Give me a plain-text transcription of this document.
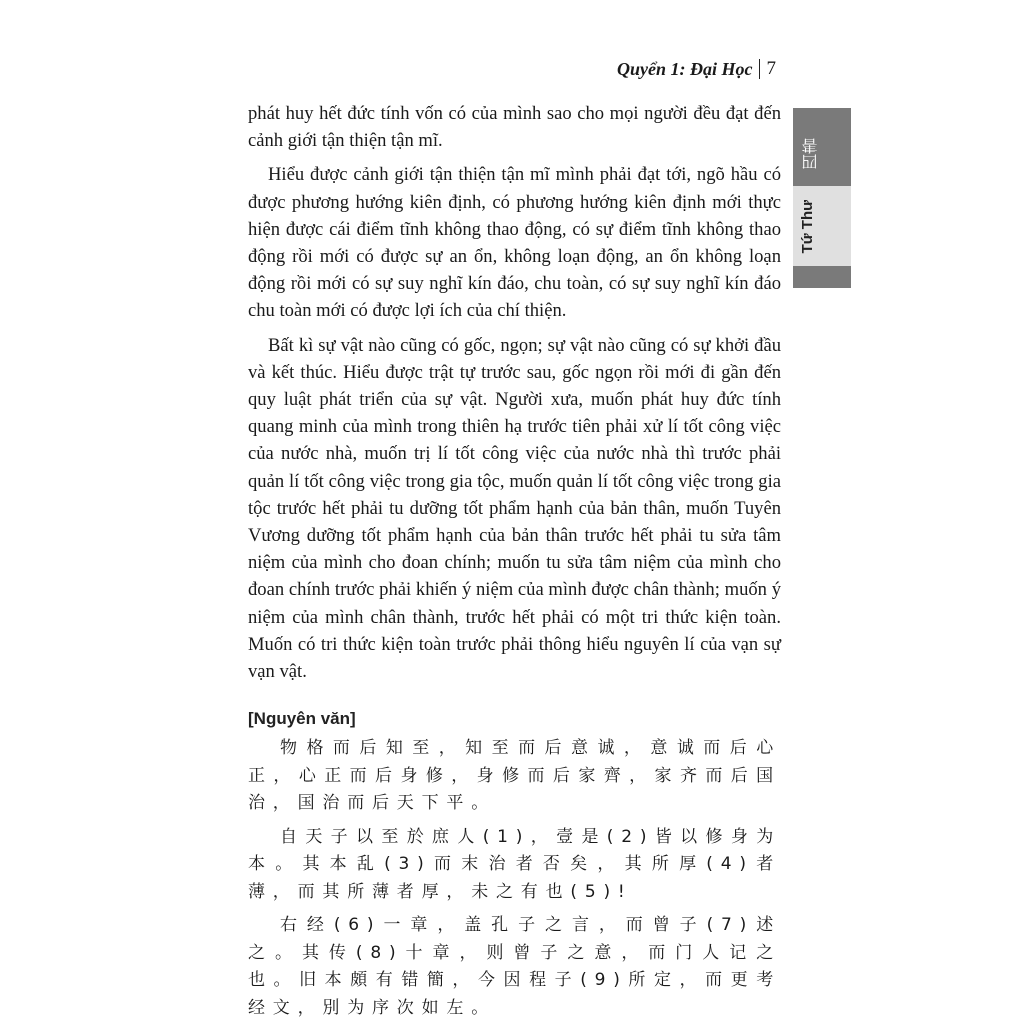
Quyển 1: Đại Học 7
四書
Tứ Thư

phát huy hết đức tính vốn có của mình sao cho mọi người đều đạt đến cảnh giới tận thiện tận mĩ.

Hiểu được cảnh giới tận thiện tận mĩ mình phải đạt tới, ngõ hầu có được phương hướng kiên định, có phương hướng kiên định mới thực hiện được cái điểm tĩnh không thao động, có sự điểm tĩnh không thao động rồi mới có được sự an ổn, không loạn động, an ổn không loạn động rồi mới có sự suy nghĩ kín đáo, chu toàn, có sự suy nghĩ kín đáo chu toàn mới có được lợi ích của chí thiện.

Bất kì sự vật nào cũng có gốc, ngọn; sự vật nào cũng có sự khởi đầu và kết thúc. Hiểu được trật tự trước sau, gốc ngọn rồi mới đi gần đến quy luật phát triển của sự vật. Người xưa, muốn phát huy đức tính quang minh của mình trong thiên hạ trước tiên phải xử lí tốt công việc của nước nhà, muốn trị lí tốt công việc của nước nhà thì trước phải quản lí tốt công việc trong gia tộc, muốn quản lí tốt công việc trong gia tộc trước hết phải tu dưỡng tốt phẩm hạnh của bản thân, muốn Tuyên Vương dưỡng tốt phẩm hạnh của bản thân trước hết phải tu sửa tâm niệm của mình cho đoan chính; muốn tu sửa tâm niệm của mình cho đoan chính trước phải khiến ý niệm của mình được chân thành; muốn ý niệm của mình chân thành, trước hết phải có một tri thức kiện toàn. Muốn có tri thức kiện toàn trước phải thông hiểu nguyên lí của vạn sự vạn vật.

[Nguyên văn]

物格而后知至，知至而后意诚，意诚而后心正，心正而后身修，身修而后家齊，家齐而后国治，国治而后天下平。

自天子以至於庶人(1)，壹是(2)皆以修身为本。其本乱(3)而末治者否矣，其所厚(4)者薄，而其所薄者厚，未之有也(5)!

右经(6)一章，盖孔子之言，而曾子(7)述之。其传(8)十章，则曾子之意，而门人记之也。旧本頗有错簡，今因程子(9)所定，而更考经文，別为序次如左。
